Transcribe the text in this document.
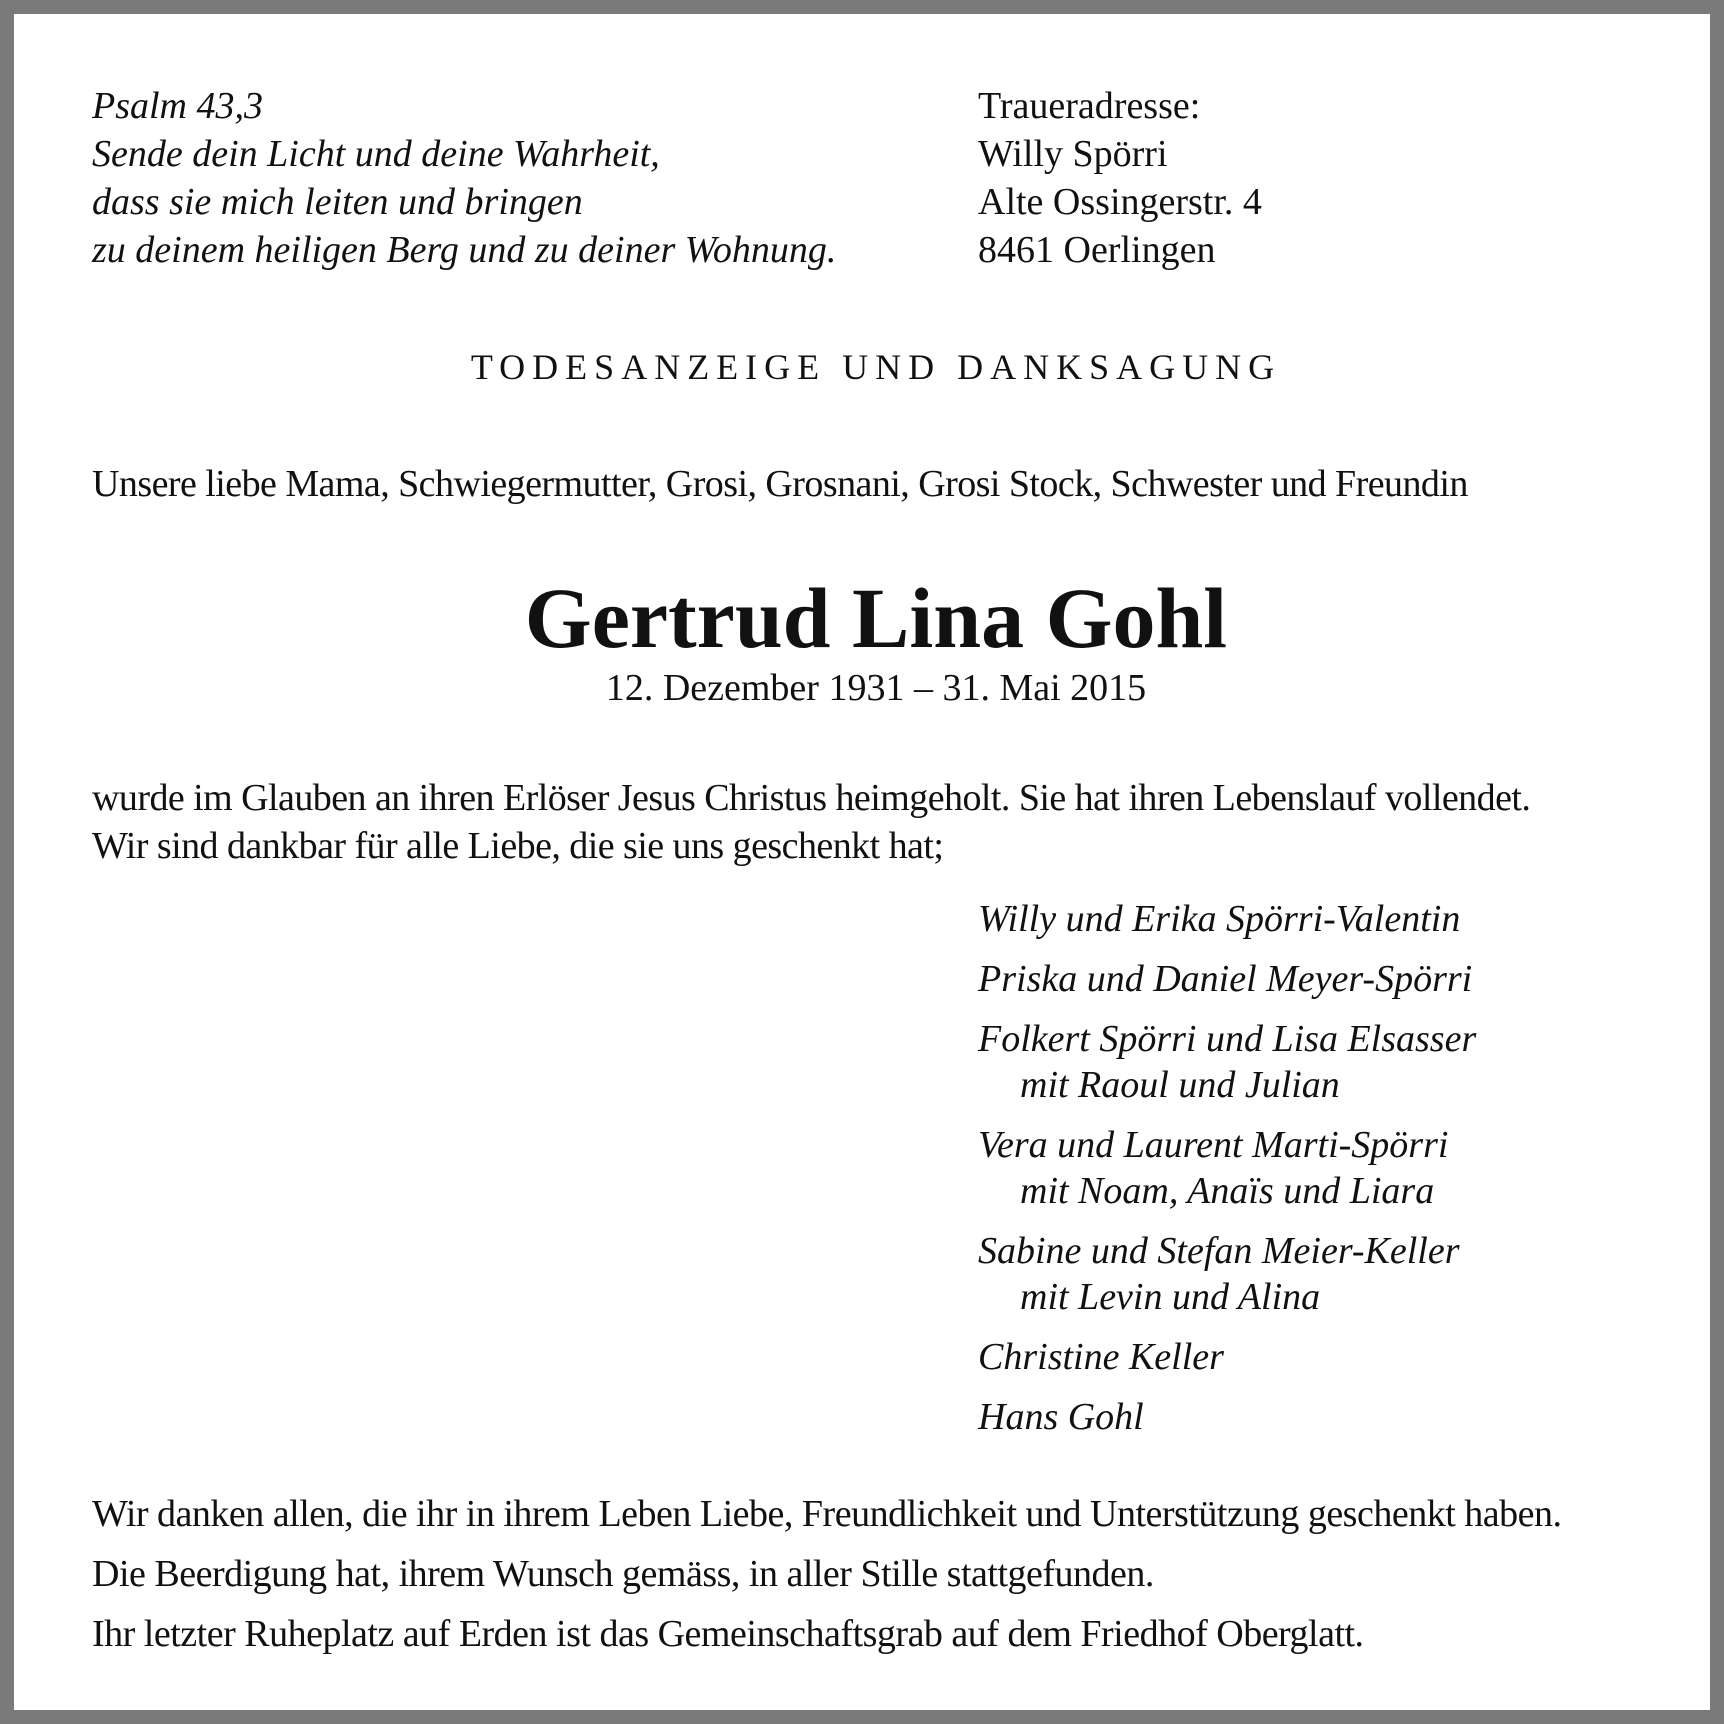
Psalm 43,3
Sende dein Licht und deine Wahrheit,
dass sie mich leiten und bringen
zu deinem heiligen Berg und zu deiner Wohnung.
Traueradresse:
Willy Spörri
Alte Ossingerstr. 4
8461 Oerlingen
TODESANZEIGE UND DANKSAGUNG
Unsere liebe Mama, Schwiegermutter, Grosi, Grosnani, Grosi Stock, Schwester und Freundin
Gertrud Lina Gohl
12. Dezember 1931 – 31. Mai 2015
wurde im Glauben an ihren Erlöser Jesus Christus heimgeholt. Sie hat ihren Lebenslauf vollendet.
Wir sind dankbar für alle Liebe, die sie uns geschenkt hat;
Willy und Erika Spörri-Valentin
Priska und Daniel Meyer-Spörri
Folkert Spörri und Lisa Elsasser
mit Raoul und Julian
Vera und Laurent Marti-Spörri
mit Noam, Anaïs und Liara
Sabine und Stefan Meier-Keller
mit Levin und Alina
Christine Keller
Hans Gohl
Wir danken allen, die ihr in ihrem Leben Liebe, Freundlichkeit und Unterstützung geschenkt haben.
Die Beerdigung hat, ihrem Wunsch gemäss, in aller Stille stattgefunden.
Ihr letzter Ruheplatz auf Erden ist das Gemeinschaftsgrab auf dem Friedhof Oberglatt.
